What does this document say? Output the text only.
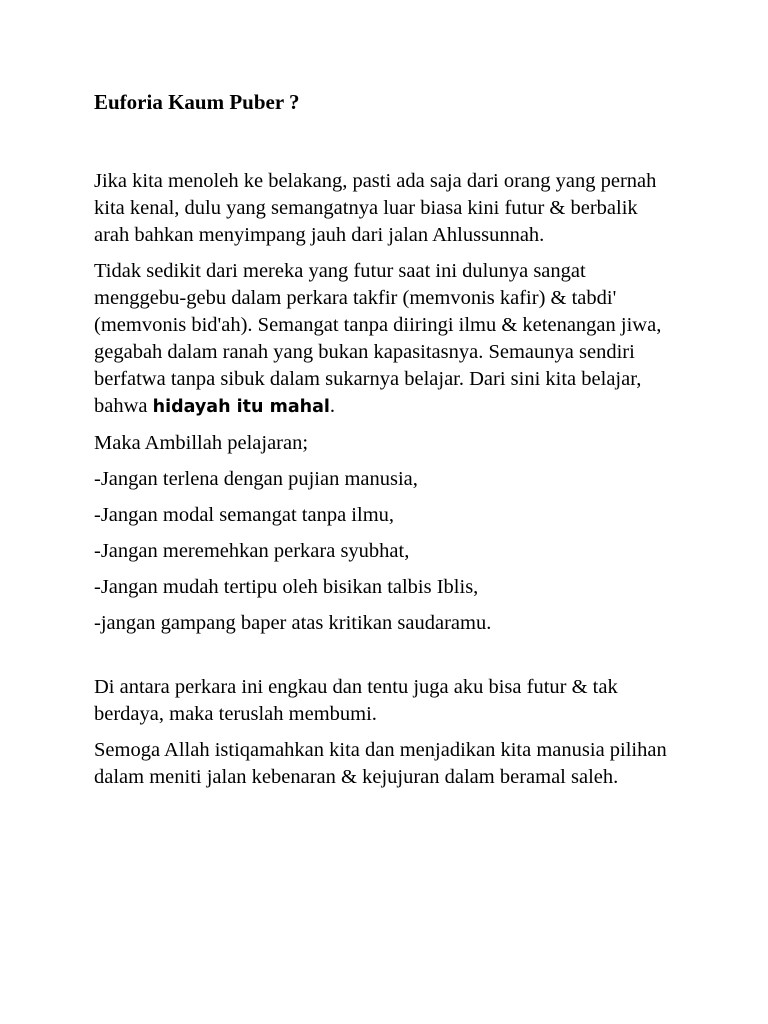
Euforia Kaum Puber ?

Jika kita menoleh ke belakang, pasti ada saja dari orang yang pernah kita kenal, dulu yang semangatnya luar biasa kini futur & berbalik arah bahkan menyimpang jauh dari jalan Ahlussunnah.

Tidak sedikit dari mereka yang futur saat ini dulunya sangat menggebu-gebu dalam perkara takfir (memvonis kafir) & tabdi' (memvonis bid'ah). Semangat tanpa diiringi ilmu & ketenangan jiwa, gegabah dalam ranah yang bukan kapasitasnya. Semaunya sendiri berfatwa tanpa sibuk dalam sukarnya belajar. Dari sini kita belajar, bahwa hidayah itu mahal.

Maka Ambillah pelajaran;

-Jangan terlena dengan pujian manusia,

-Jangan modal semangat tanpa ilmu,

-Jangan meremehkan perkara syubhat,

-Jangan mudah tertipu oleh bisikan talbis Iblis,

-jangan gampang baper atas kritikan saudaramu.

Di antara perkara ini engkau dan tentu juga aku bisa futur & tak berdaya, maka teruslah membumi.

Semoga Allah istiqamahkan kita dan menjadikan kita manusia pilihan dalam meniti jalan kebenaran & kejujuran dalam beramal saleh.
